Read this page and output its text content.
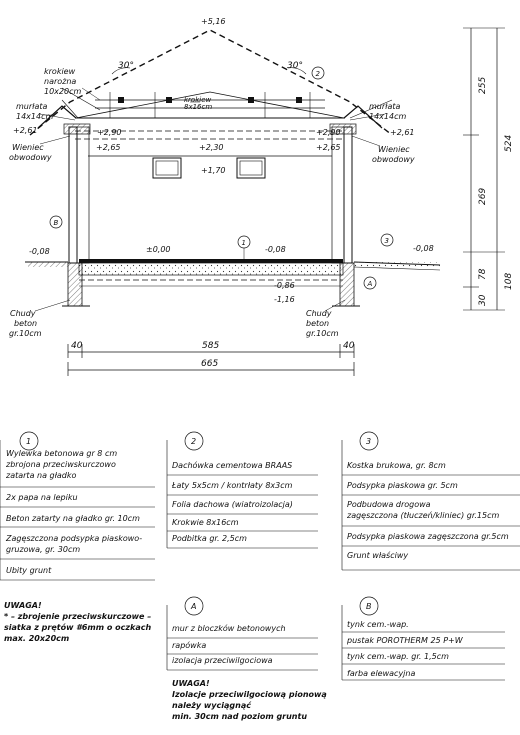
+5,16
+2,90	+2,90
+2,61	+2,61
+2,65	+2,65
+2,30
+1,70
±0,00	-0,08
-0,08	-0,08
-0,86
-1,16
30°	30°
krokiew
narożna
10x20cm
murłata
14x14cm
murłata
14x14cm
Wieniec
obwodowy
Wieniec
obwodowy
Chudy
beton
gr.10cm
Chudy
beton
gr.10cm
krokiew
8x16cm
2
1	3
A
B
40	585	40
665
255
524
269
78 108
30
1
Wylewka betonowa gr 8 cm
zbrojona przeciwskurczowo
zatarta na gładko
2x papa na lepiku
Beton zatarty na gładko gr. 10cm
Zagęszczona podsypka piaskowo-
gruzowa, gr. 30cm
Ubity grunt
2
Dachówka cementowa BRAAS
Łaty 5x5cm / kontrłaty 8x3cm
Folia dachowa (wiatroizolacja)
Krokwie 8x16cm
Podbitka gr. 2,5cm
3
Kostka brukowa, gr. 8cm
Podsypka piaskowa gr. 5cm
Podbudowa drogowa
zagęszczona (tłuczeń/kliniec) gr.15cm
Podsypka piaskowa zagęszczona gr.5cm
Grunt właściwy
A
mur z bloczków betonowych
rapówka
izolacja przeciwilgociowa
B
tynk cem.-wap.
pustak POROTHERM 25 P+W
tynk cem.-wap. gr. 1,5cm
farba elewacyjna
UWAGA!
* – zbrojenie przeciwskurczowe –
siatka z prętów #6mm o oczkach
max. 20x20cm
UWAGA!
Izolacje przeciwilgociową pionową
należy wyciągnąć
min. 30cm nad poziom gruntu
